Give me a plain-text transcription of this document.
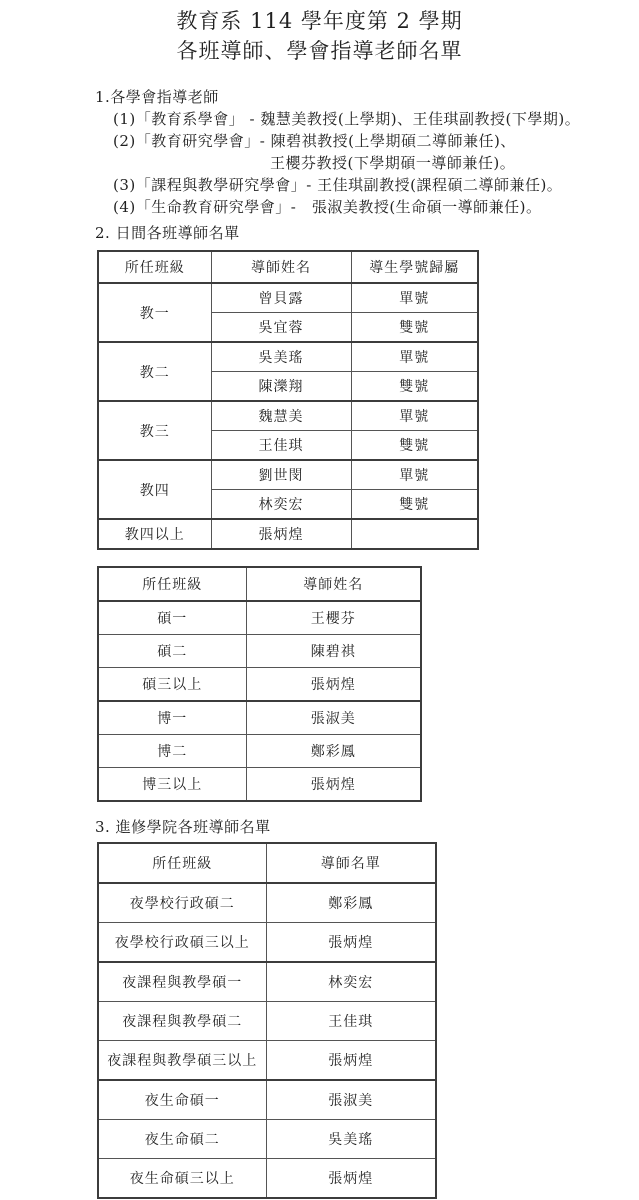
教育系 114 學年度第 2 學期
各班導師、學會指導老師名單
1.各學會指導老師
(1)「教育系學會」 - 魏慧美教授(上學期)、王佳琪副教授(下學期)。
(2)「教育研究學會」- 陳碧祺教授(上學期碩二導師兼任)、
王櫻芬教授(下學期碩一導師兼任)。
(3)「課程與教學研究學會」- 王佳琪副教授(課程碩二導師兼任)。
(4)「生命教育研究學會」-　張淑美教授(生命碩一導師兼任)。
2. 日間各班導師名單
所任班級	導師姓名	導生學號歸屬
教一	曾貝露	單號
	吳宜蓉	雙號
教二	吳美瑤	單號
	陳濼翔	雙號
教三	魏慧美	單號
	王佳琪	雙號
教四	劉世閔	單號
	林奕宏	雙號
教四以上	張炳煌	
所任班級	導師姓名
碩一	王櫻芬
碩二	陳碧祺
碩三以上	張炳煌
博一	張淑美
博二	鄭彩鳳
博三以上	張炳煌
3. 進修學院各班導師名單
所任班級	導師名單
夜學校行政碩二	鄭彩鳳
夜學校行政碩三以上	張炳煌
夜課程與教學碩一	林奕宏
夜課程與教學碩二	王佳琪
夜課程與教學碩三以上	張炳煌
夜生命碩一	張淑美
夜生命碩二	吳美瑤
夜生命碩三以上	張炳煌
